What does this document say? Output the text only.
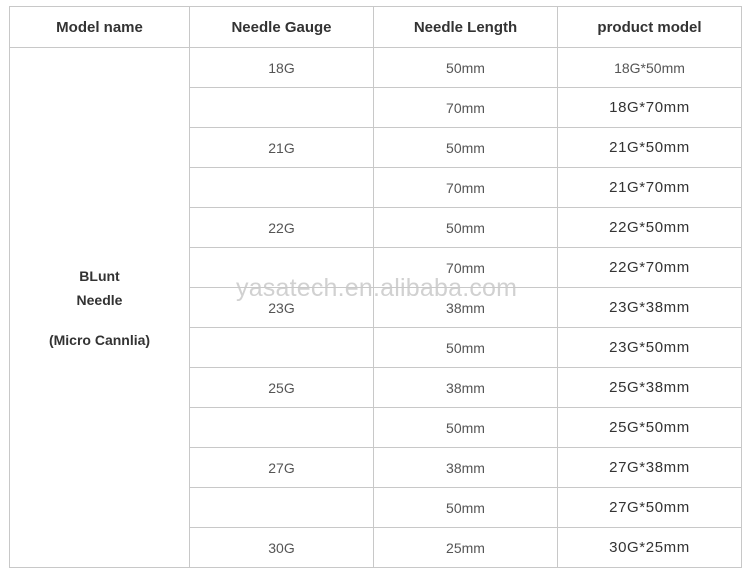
Model name	Needle Gauge	Needle Length	product model

BLunt
Needle
(Micro Cannlia)	18G	50mm	18G*50mm
		70mm	18G*70mm
	21G	50mm	21G*50mm
		70mm	21G*70mm
	22G	50mm	22G*50mm
		70mm	22G*70mm
	23G	38mm	23G*38mm
		50mm	23G*50mm
	25G	38mm	25G*38mm
		50mm	25G*50mm
	27G	38mm	27G*38mm
		50mm	27G*50mm
	30G	25mm	30G*25mm
yasatech.en.alibaba.com
